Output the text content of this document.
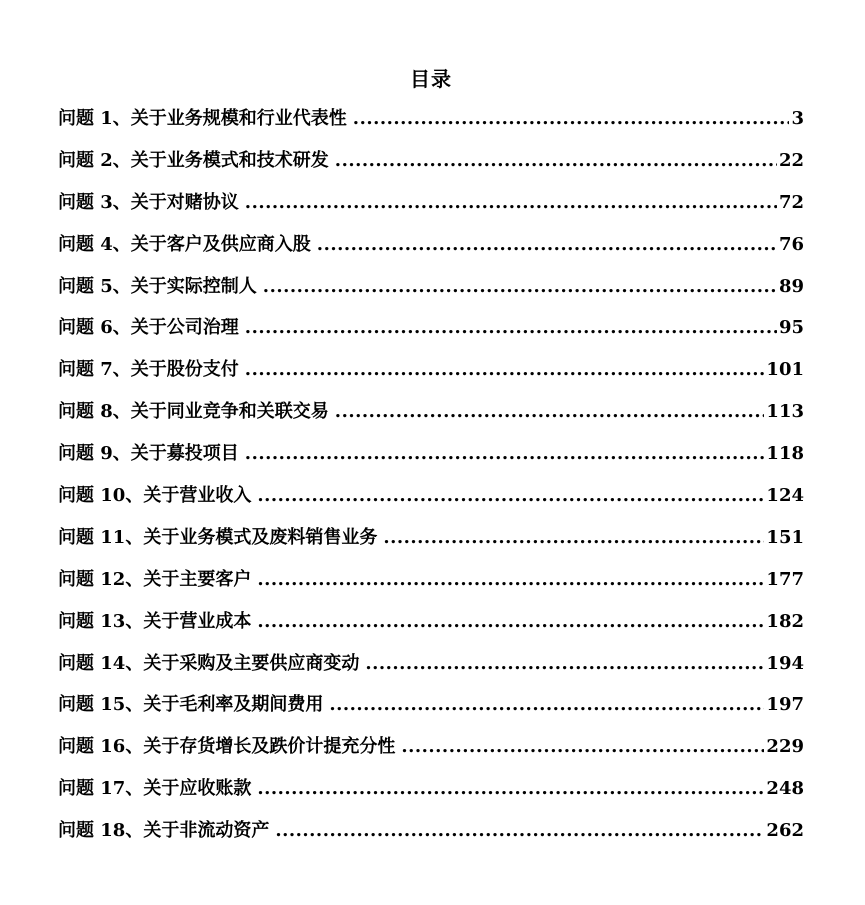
目录
问题 1、关于业务规模和行业代表性 .....	3
问题 2、关于业务模式和技术研发 .....	22
问题 3、关于对赌协议 .....	72
问题 4、关于客户及供应商入股 .....	76
问题 5、关于实际控制人 .....	89
问题 6、关于公司治理 .....	95
问题 7、关于股份支付 .....	101
问题 8、关于同业竞争和关联交易 .....	113
问题 9、关于募投项目 .....	118
问题 10、关于营业收入 .....	124
问题 11、关于业务模式及废料销售业务 .....	151
问题 12、关于主要客户 .....	177
问题 13、关于营业成本 .....	182
问题 14、关于采购及主要供应商变动 .....	194
问题 15、关于毛利率及期间费用 .....	197
问题 16、关于存货增长及跌价计提充分性 .....	229
问题 17、关于应收账款 .....	248
问题 18、关于非流动资产 .....	262
